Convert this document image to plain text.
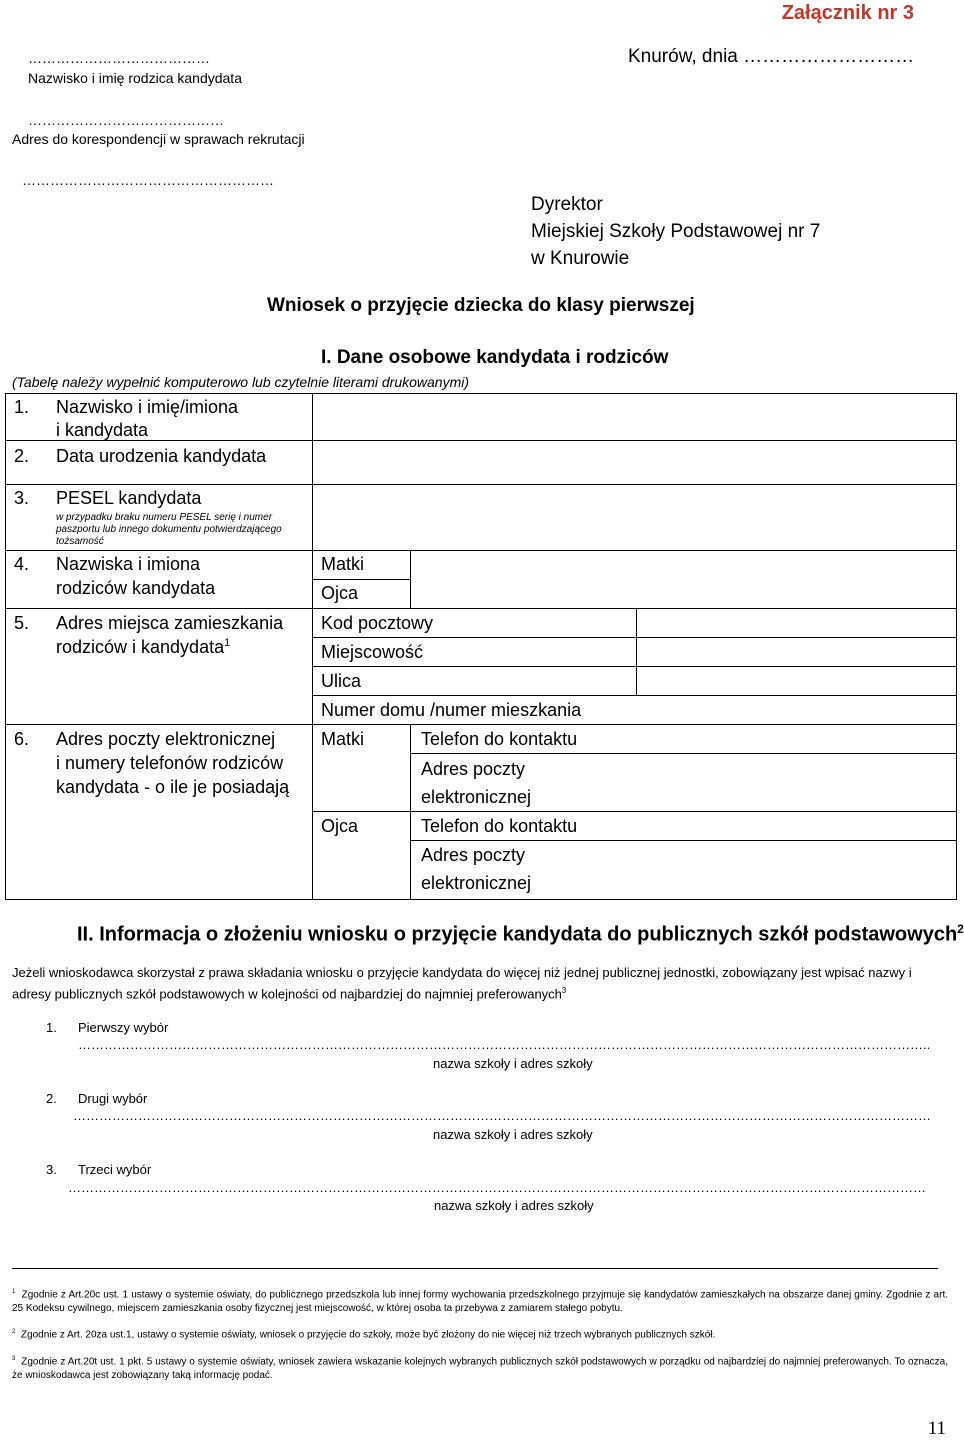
Załącznik nr 3
…………………………………
Nazwisko i imię rodzica kandydata
Knurów, dnia ………………………
……………………………………
Adres do korespondencji w sprawach rekrutacji
………………………………………………
Dyrektor
Miejskiej Szkoły Podstawowej nr 7
w Knurowie
Wniosek o przyjęcie dziecka do klasy pierwszej
I. Dane osobowe kandydata i rodziców
(Tabelę należy wypełnić komputerowo lub czytelnie literami drukowanymi)
1. Nazwisko i imię/imiona
i kandydata
2. Data urodzenia kandydata
3. PESEL kandydata
w przypadku braku numeru PESEL serię i numer paszportu lub innego dokumentu potwierdzającego tożsamość
4. Nazwiska i imiona
rodziców kandydata
Matki
Ojca
5. Adres miejsca zamieszkania
rodziców i kandydata$^1$
Kod pocztowy
Miejscowość
Ulica
Numer domu /numer mieszkania
6. Adres poczty elektronicznej
i numery telefonów rodziców
kandydata - o ile je posiadają
Matki	Telefon do kontaktu
Adres poczty
elektronicznej
Ojca	Telefon do kontaktu
Adres poczty
elektronicznej
II. Informacja o złożeniu wniosku o przyjęcie kandydata do publicznych szkół podstawowych$^2$
Jeżeli wnioskodawca skorzystał z prawa składania wniosku o przyjęcie kandydata do więcej niż jednej publicznej jednostki, zobowiązany jest wpisać nazwy i adresy publicznych szkół podstawowych w kolejności od najbardziej do najmniej preferowanych$^3$
1. Pierwszy wybór
……………………………………………………………………………………………………………………………………………………………………………..
nazwa szkoły i adres szkoły
2. Drugi wybór
………………………………………………………………………………………………………………………………………………………………………………
nazwa szkoły i adres szkoły
3. Trzeci wybór
………………………………………………………………………………………………………………………………………………………………………………
nazwa szkoły i adres szkoły
$^1$ Zgodnie z Art.20c ust. 1 ustawy o systemie oświaty, do publicznego przedszkola lub innej formy wychowania przedszkolnego przyjmuje się kandydatów zamieszkałych na obszarze danej gminy. Zgodnie z art. 25 Kodeksu cywilnego, miejscem zamieszkania osoby fizycznej jest miejscowość, w której osoba ta przebywa z zamiarem stałego pobytu.
$^2$ Zgodnie z Art. 20za ust.1, ustawy o systemie oświaty, wniosek o przyjęcie do szkoły, może być złożony do nie więcej niż trzech wybranych publicznych szkół.
$^3$ Zgodnie z Art.20t ust. 1 pkt. 5 ustawy o systemie oświaty, wniosek zawiera wskazanie kolejnych wybranych publicznych szkół podstawowych w porządku od najbardziej do najmniej preferowanych. To oznacza, że wnioskodawca jest zobowiązany taką informację podać.
11
